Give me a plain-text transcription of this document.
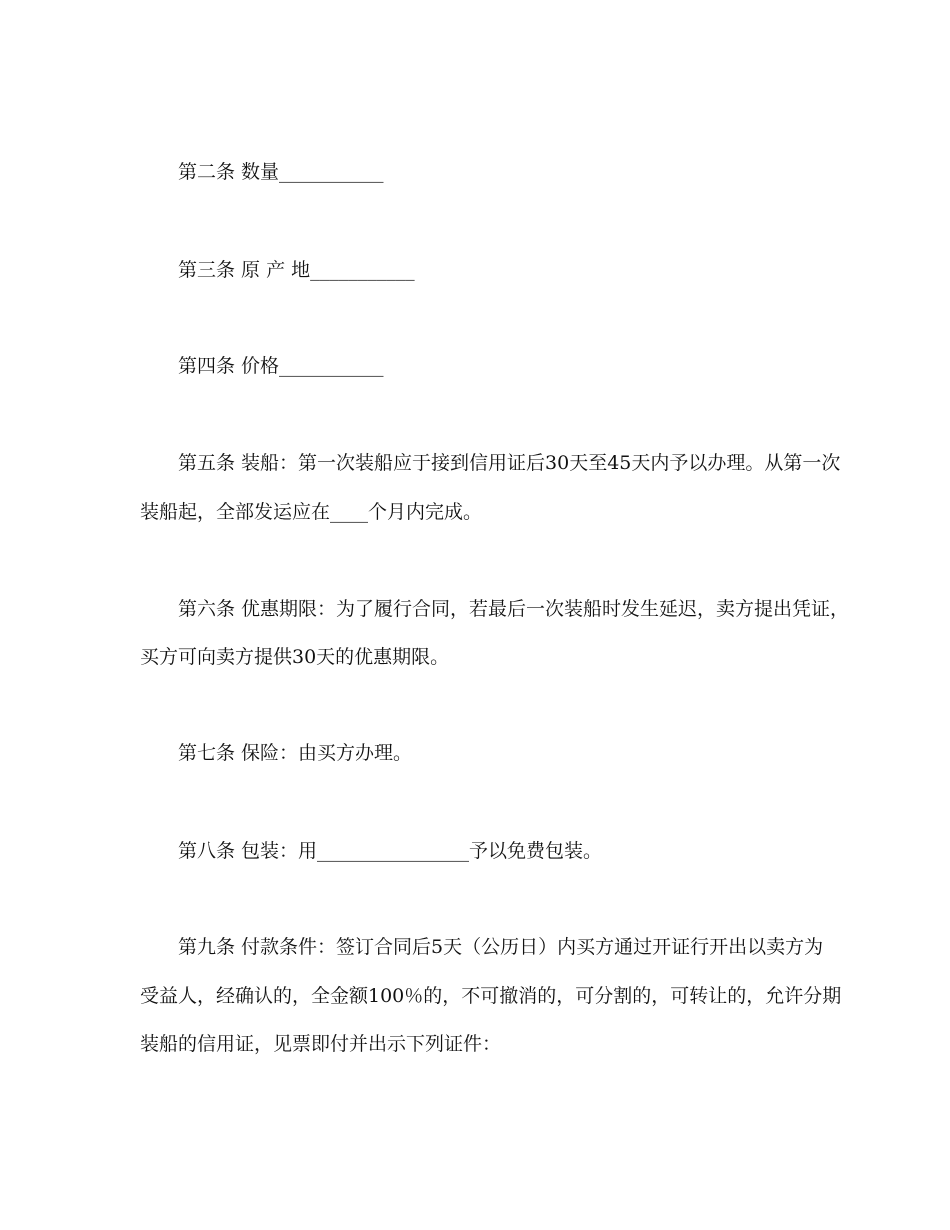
第二条 数量___________
第三条 原 产 地___________
第四条 价格___________
第五条 装船：第一次装船应于接到信用证后30天至45天内予以办理。从第一次
装船起，全部发运应在____个月内完成。
第六条 优惠期限：为了履行合同，若最后一次装船时发生延迟，卖方提出凭证，
买方可向卖方提供30天的优惠期限。
第七条 保险：由买方办理。
第八条 包装：用________________予以免费包装。
第九条 付款条件：签订合同后5天（公历日）内买方通过开证行开出以卖方为
受益人，经确认的，全金额100％的，不可撤消的，可分割的，可转让的，允许分期
装船的信用证，见票即付并出示下列证件：
